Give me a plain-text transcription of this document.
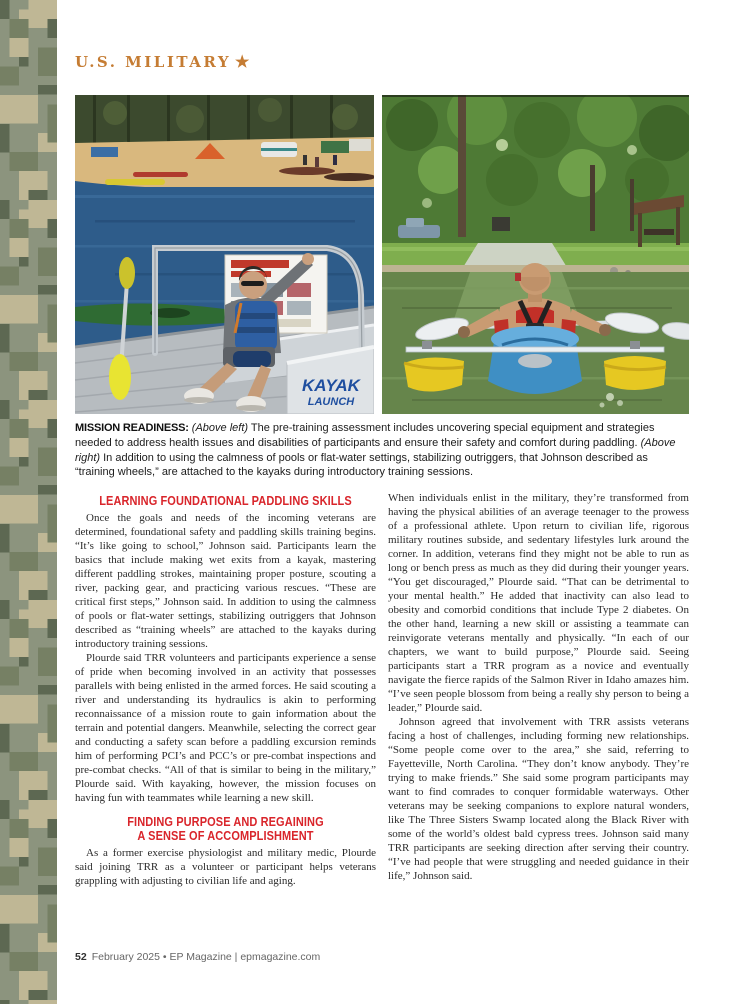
U.S. MILITARY ★
KAYAK
LAUNCH

MISSION READINESS: (Above left) The pre-training assessment includes uncovering special equipment and strategies needed to address health issues and disabilities of participants and ensure their safety and comfort during paddling. (Above right) In addition to using the calmness of pools or flat-water settings, stabilizing outriggers, that Johnson described as “training wheels,” are attached to the kayaks during introductory training sessions.

LEARNING FOUNDATIONAL PADDLING SKILLS

Once the goals and needs of the incoming veterans are determined, foundational safety and paddling skills training begins. “It’s like going to school,” Johnson said. Participants learn the basics that include making wet exits from a kayak, mastering different paddling strokes, maintaining proper posture, scouting a river, packing gear, and practicing various rescues. “These are critical first steps,” Johnson said. In addition to using the calmness of pools or flat-water settings, stabilizing outriggers that Johnson described as “training wheels” are attached to the kayaks during introductory training sessions.

Plourde said TRR volunteers and participants experience a sense of pride when becoming involved in an activity that possesses parallels with being enlisted in the armed forces. He said scouting a river and understanding its hydraulics is akin to performing reconnaissance of a mission route to gain information about the terrain and potential dangers. Meanwhile, selecting the correct gear and conducting a safety scan before a paddling excursion reminds him of performing PCI’s and PCC’s or pre-combat inspections and pre-combat checks. “All of that is similar to being in the military,” Plourde said. With kayaking, however, the mission focuses on having fun with teammates while learning a new skill.

FINDING PURPOSE AND REGAINING
A SENSE OF ACCOMPLISHMENT

As a former exercise physiologist and military medic, Plourde said joining TRR as a volunteer or participant helps veterans grappling with adjusting to civilian life and aging.

When individuals enlist in the military, they’re transformed from having the physical abilities of an average teenager to the prowess of a professional athlete. Upon return to civilian life, rigorous military routines subside, and sedentary lifestyles lurk around the corner. In addition, veterans find they might not be able to run as long or bench press as much as they did during their younger years. “You get discouraged,” Plourde said. “That can be detrimental to your mental health.” He added that inactivity can also lead to obesity and comorbid conditions that include Type 2 diabetes. On the other hand, learning a new skill or assisting a teammate can reinvigorate veterans mentally and physically. “In each of our chapters, we want to build purpose,” Plourde said. Seeing participants start a TRR program as a novice and eventually navigate the fierce rapids of the Salmon River in Idaho amazes him. “I’ve seen people blossom from being a really shy person to being a leader,” Plourde said.

Johnson agreed that involvement with TRR assists veterans facing a host of challenges, including forming new relationships. “Some people come over to the area,” she said, referring to Fayetteville, North Carolina. “They don’t know anybody. They’re trying to make friends.” She said some program participants may want to find comrades to conquer formidable waterways. Other veterans may be seeking companions to explore natural wonders, like The Three Sisters Swamp located along the Black River with some of the world’s oldest bald cypress trees. Johnson said many TRR participants are seeking direction after serving their country. “I’ve had people that were struggling and needed guidance in their life,” Johnson said.

52 February 2025 • EP Magazine | epmagazine.com
